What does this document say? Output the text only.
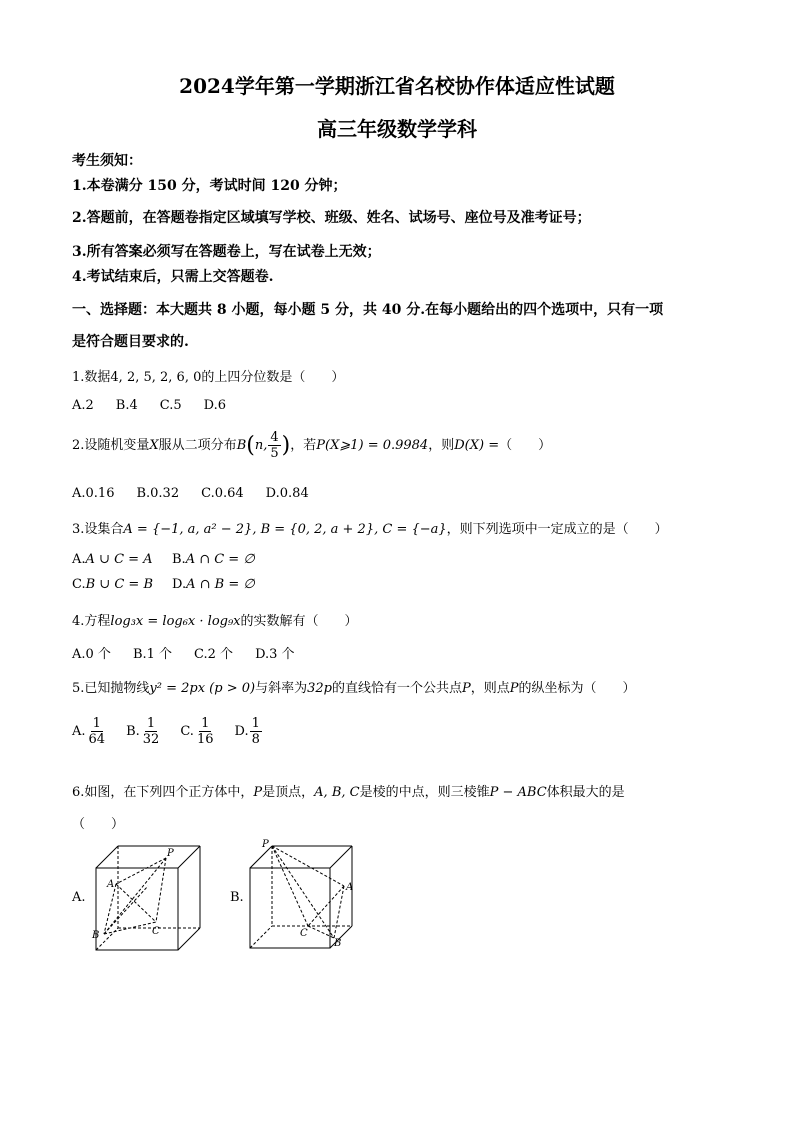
2024学年第一学期浙江省名校协作体适应性试题
高三年级数学学科
考生须知：
1.本卷满分 150 分，考试时间 120 分钟；
2.答题前，在答题卷指定区域填写学校、班级、姓名、试场号、座位号及准考证号；
3.所有答案必须写在答题卷上，写在试卷上无效；
4.考试结束后，只需上交答题卷.
一、选择题：本大题共 8 小题，每小题 5 分，共 40 分.在每小题给出的四个选项中，只有一项
是符合题目要求的.
1.数据4, 2, 5, 2, 6, 0的上四分位数是（　　）
A.2 B.4 C.5 D.6
2.设随机变量X服从二项分布B(n, $\frac{4}{5}$ )，若P(X⩾1) = 0.9984，则D(X) =（　　）
A.0.16 B.0.32 C.0.64 D.0.84
3.设集合A = {−1, a, a² − 2}, B = {0, 2, a + 2}, C = {−a}，则下列选项中一定成立的是（　　）
A.A ∪ C = A B.A ∩ C = ∅
C.B ∪ C = B D.A ∩ B = ∅
4.方程log₃x = log₆x · log₉x的实数解有（　　）
A.0 个 B.1 个 C.2 个 D.3 个
5.已知抛物线y² = 2px (p > 0)与斜率为32p的直线恰有一个公共点P，则点P的纵坐标为（　　）
A. $\frac{1}{64} B$. $\frac{1}{32} C$. $\frac{1}{16} D$. $\frac{1}{8}$
6.如图，在下列四个正方体中，P是顶点，A, B, C是棱的中点，则三棱锥P − ABC体积最大的是
（　　）
A.
P
A
B	C
B.
P
A
B
C
